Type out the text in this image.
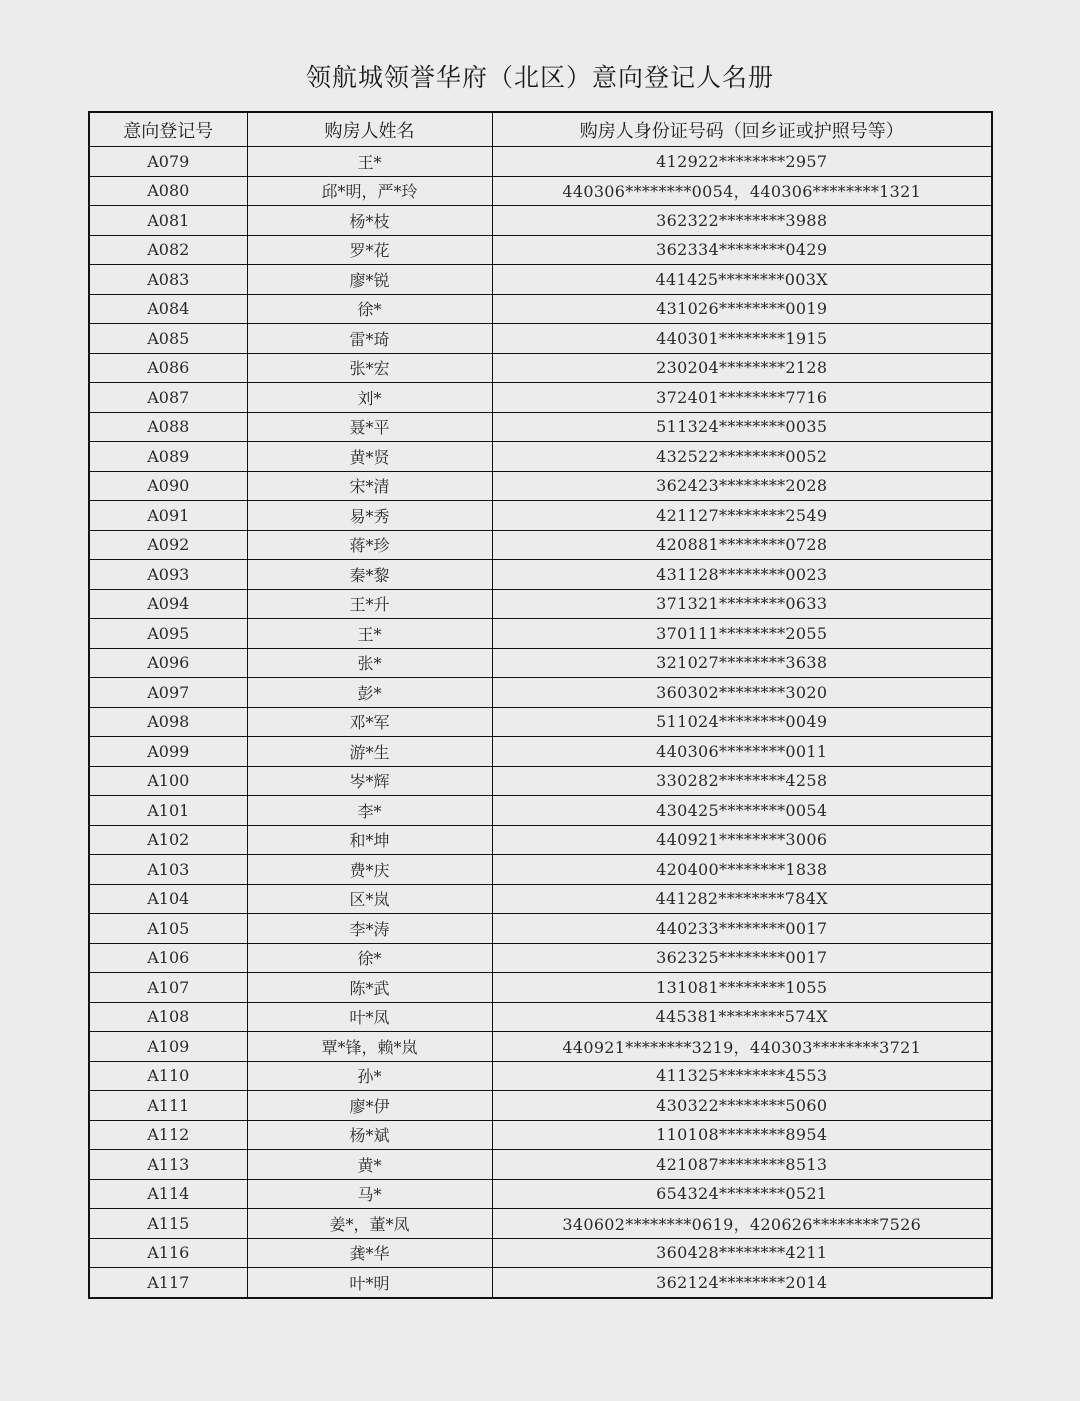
领航城领誉华府（北区）意向登记人名册
意向登记号	购房人姓名	购房人身份证号码（回乡证或护照号等）
A079	王*	412922********2957
A080	邱*明，严*玲	440306********0054，440306********1321
A081	杨*枝	362322********3988
A082	罗*花	362334********0429
A083	廖*锐	441425********003X
A084	徐*	431026********0019
A085	雷*琦	440301********1915
A086	张*宏	230204********2128
A087	刘*	372401********7716
A088	聂*平	511324********0035
A089	黄*贤	432522********0052
A090	宋*清	362423********2028
A091	易*秀	421127********2549
A092	蒋*珍	420881********0728
A093	秦*黎	431128********0023
A094	王*升	371321********0633
A095	王*	370111********2055
A096	张*	321027********3638
A097	彭*	360302********3020
A098	邓*军	511024********0049
A099	游*生	440306********0011
A100	岑*辉	330282********4258
A101	李*	430425********0054
A102	和*坤	440921********3006
A103	费*庆	420400********1838
A104	区*岚	441282********784X
A105	李*涛	440233********0017
A106	徐*	362325********0017
A107	陈*武	131081********1055
A108	叶*凤	445381********574X
A109	覃*锋，赖*岚	440921********3219，440303********3721
A110	孙*	411325********4553
A111	廖*伊	430322********5060
A112	杨*斌	110108********8954
A113	黄*	421087********8513
A114	马*	654324********0521
A115	姜*，董*凤	340602********0619，420626********7526
A116	龚*华	360428********4211
A117	叶*明	362124********2014
